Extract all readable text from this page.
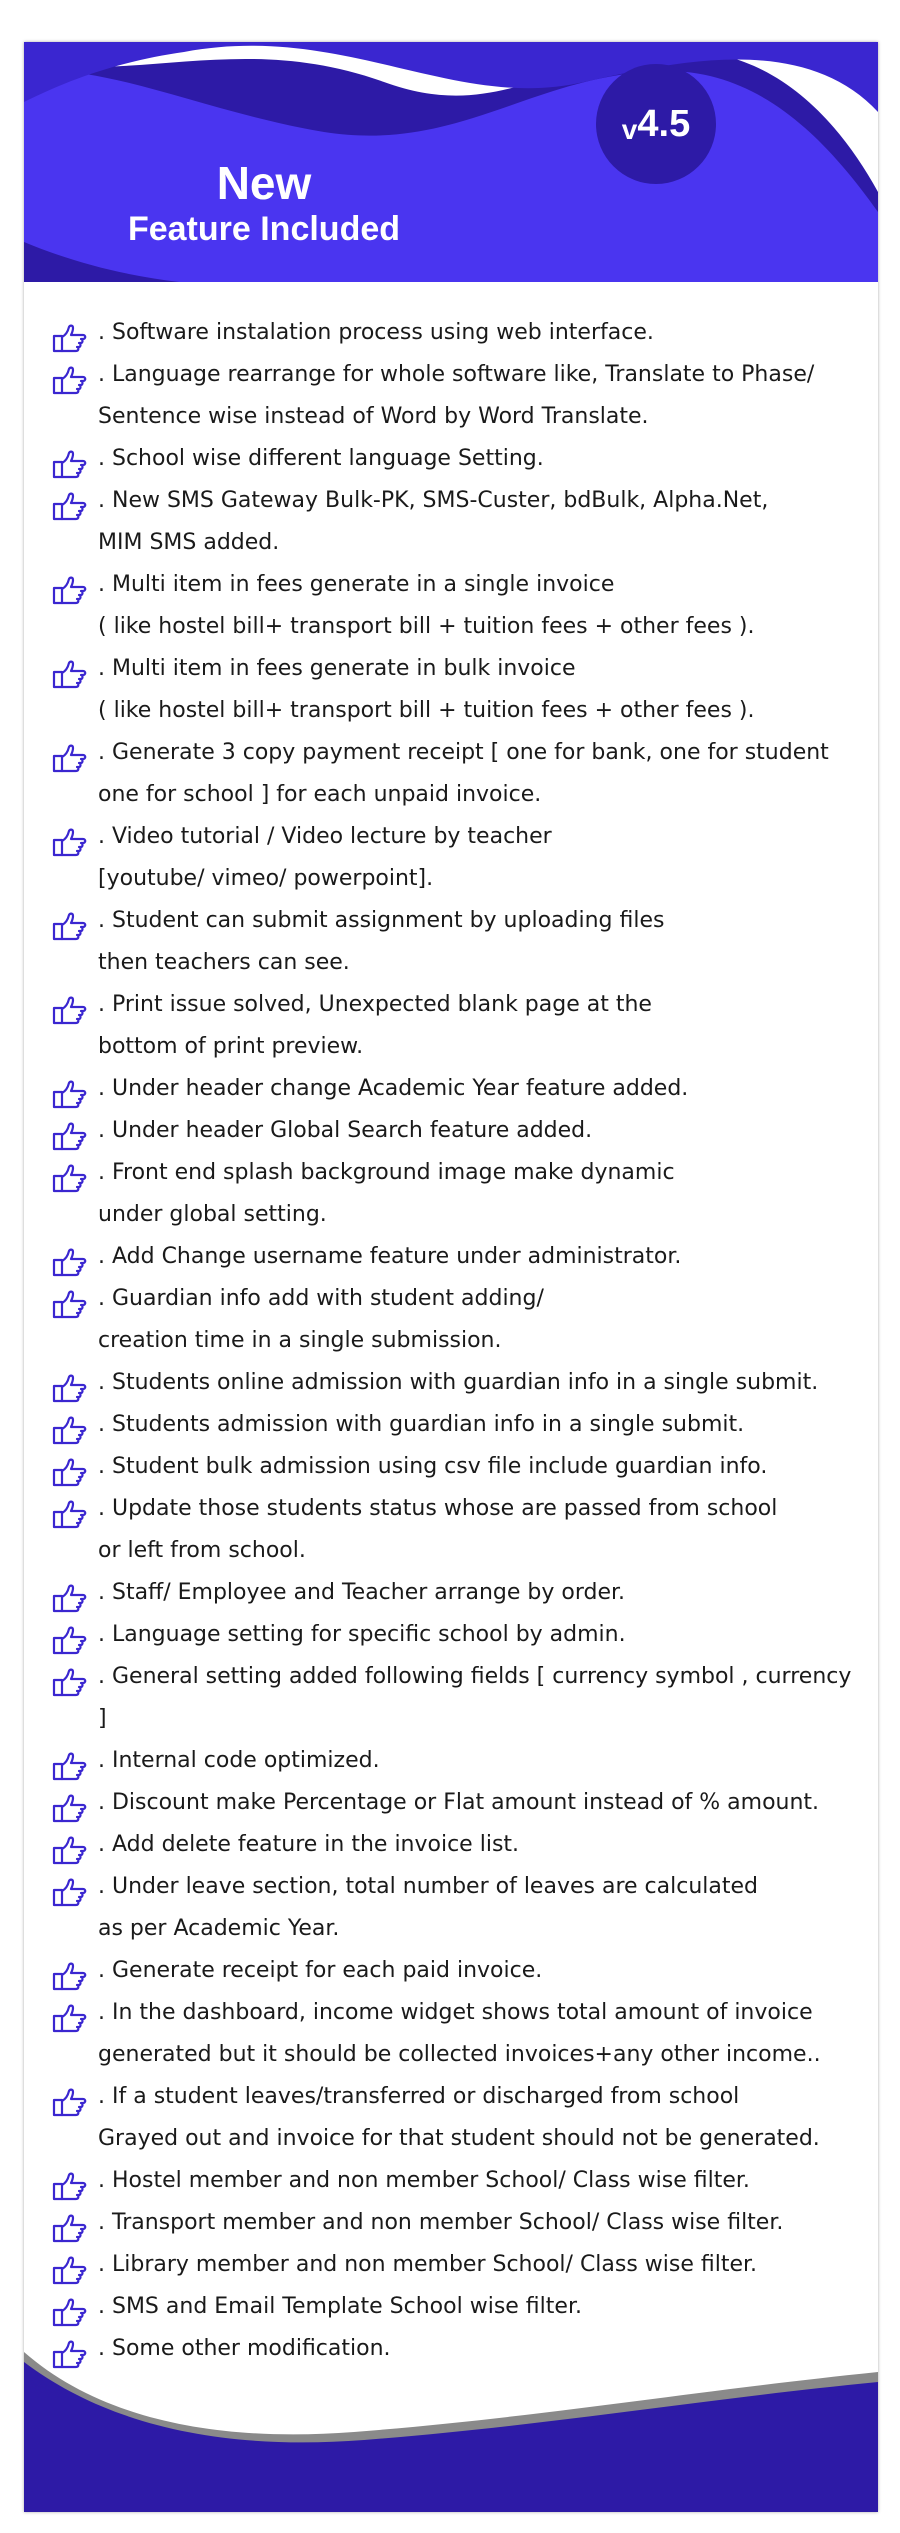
v 4.5
New
Feature Included
. Software instalation process using web interface.
. Language rearrange for whole software like, Translate to Phase/
Sentence wise instead of Word by Word Translate.
. School wise different language Setting.
. New SMS Gateway Bulk-PK, SMS-Custer, bdBulk, Alpha.Net,
MIM SMS added.
. Multi item in fees generate in a single invoice
( like hostel bill+ transport bill + tuition fees + other fees ).
. Multi item in fees generate in bulk invoice
( like hostel bill+ transport bill + tuition fees + other fees ).
. Generate 3 copy payment receipt [ one for bank, one for student
one for school ] for each unpaid invoice.
. Video tutorial / Video lecture by teacher
[youtube/ vimeo/ powerpoint].
. Student can submit assignment by uploading files
then teachers can see.
. Print issue solved, Unexpected blank page at the
bottom of print preview.
. Under header change Academic Year feature added.
. Under header Global Search feature added.
. Front end splash background image make dynamic
under global setting.
. Add Change username feature under administrator.
. Guardian info add with student adding/
creation time in a single submission.
. Students online admission with guardian info in a single submit.
. Students admission with guardian info in a single submit.
. Student bulk admission using csv file include guardian info.
. Update those students status whose are passed from school
or left from school.
. Staff/ Employee and Teacher arrange by order.
. Language setting for specific school by admin.
. General setting added following fields [ currency symbol , currency ]
. Internal code optimized.
. Discount make Percentage or Flat amount instead of % amount.
. Add delete feature in the invoice list.
. Under leave section, total number of leaves are calculated
as per Academic Year.
. Generate receipt for each paid invoice.
. In the dashboard, income widget shows total amount of invoice
generated but it should be collected invoices+any other income..
. If a student leaves/transferred or discharged from school
Grayed out and invoice for that student should not be generated.
. Hostel member and non member School/ Class wise filter.
. Transport member and non member School/ Class wise filter.
. Library member and non member School/ Class wise filter.
. SMS and Email Template School wise filter.
. Some other modification.
